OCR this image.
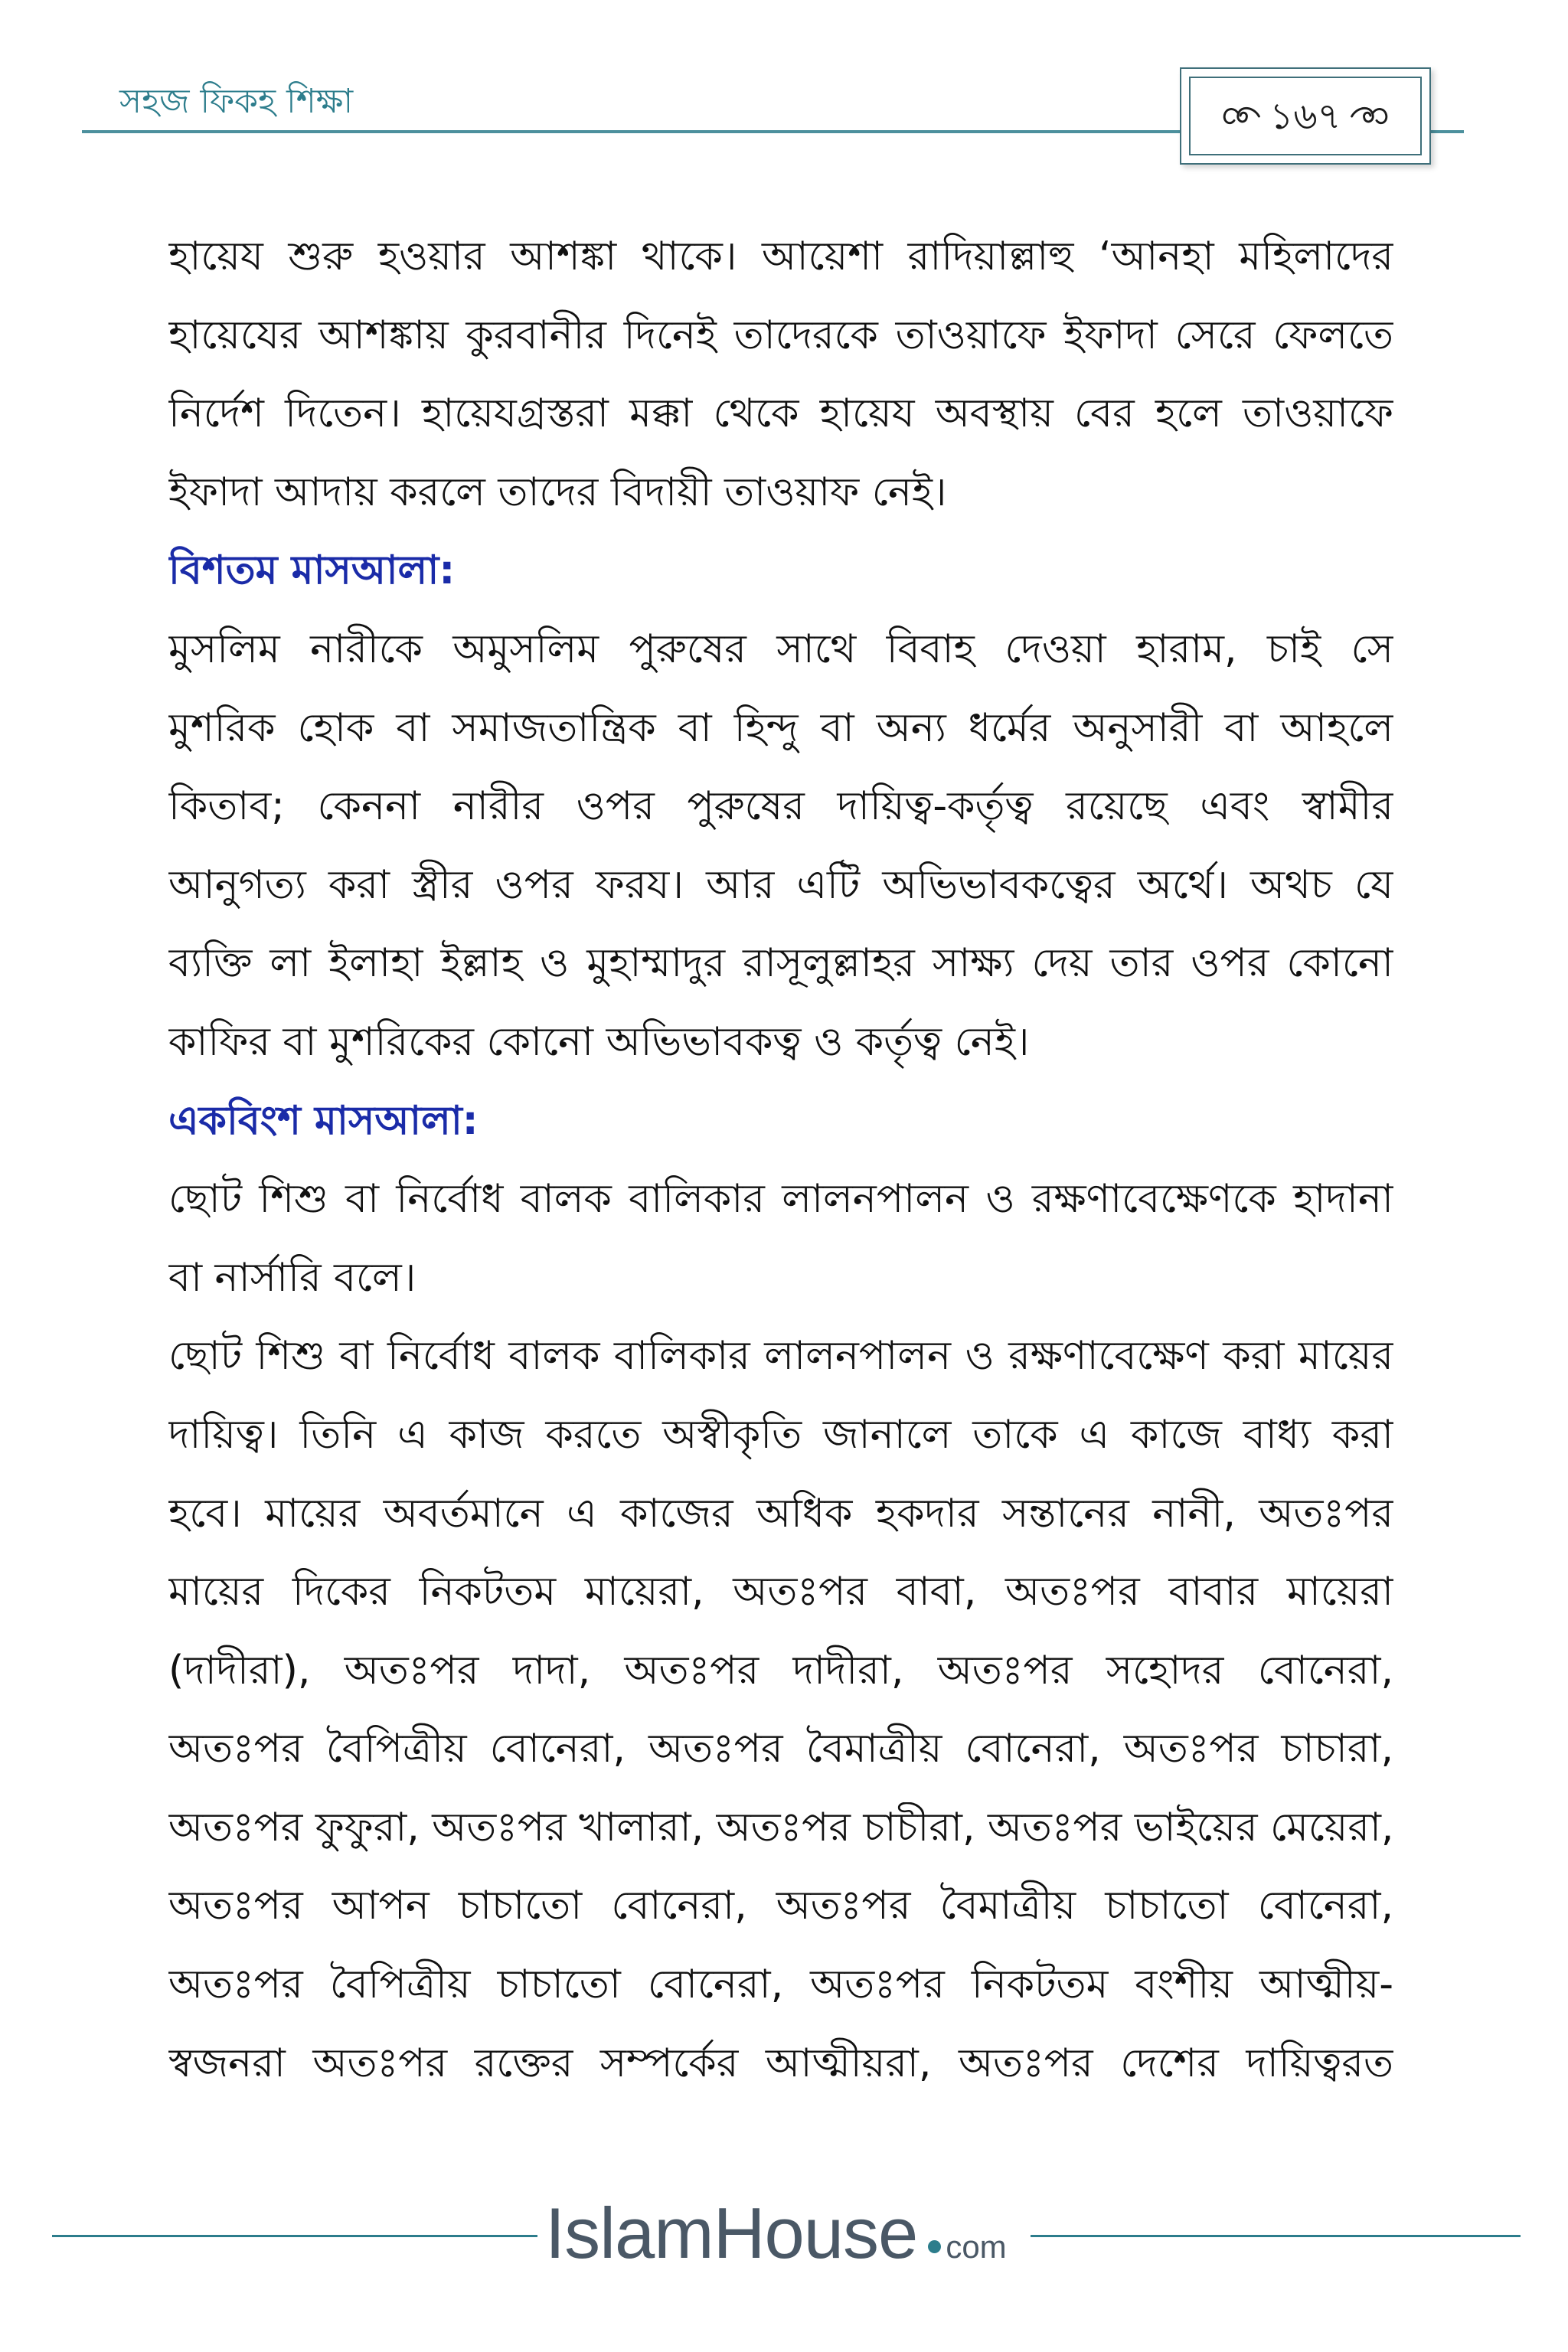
সহজ ফিকহ শিক্ষা	১৬৭
হায়েয শুরু হওয়ার আশঙ্কা থাকে। আয়েশা রাদিয়াল্লাহু ‘আনহা মহিলাদের
হায়েযের আশঙ্কায় কুরবানীর দিনেই তাদেরকে তাওয়াফে ইফাদা সেরে ফেলতে
নির্দেশ দিতেন। হায়েযগ্রস্তরা মক্কা থেকে হায়েয অবস্থায় বের হলে তাওয়াফে
ইফাদা আদায় করলে তাদের বিদায়ী তাওয়াফ নেই।
বিশতম মাসআলা:
মুসলিম নারীকে অমুসলিম পুরুষের সাথে বিবাহ দেওয়া হারাম, চাই সে
মুশরিক হোক বা সমাজতান্ত্রিক বা হিন্দু বা অন্য ধর্মের অনুসারী বা আহলে
কিতাব; কেননা নারীর ওপর পুরুষের দায়িত্ব-কর্তৃত্ব রয়েছে এবং স্বামীর
আনুগত্য করা স্ত্রীর ওপর ফরয। আর এটি অভিভাবকত্বের অর্থে। অথচ যে
ব্যক্তি লা ইলাহা ইল্লাহ ও মুহাম্মাদুর রাসূলুল্লাহর সাক্ষ্য দেয় তার ওপর কোনো
কাফির বা মুশরিকের কোনো অভিভাবকত্ব ও কর্তৃত্ব নেই।
একবিংশ মাসআলা:
ছোট শিশু বা নির্বোধ বালক বালিকার লালনপালন ও রক্ষণাবেক্ষেণকে হাদানা
বা নার্সারি বলে।
ছোট শিশু বা নির্বোধ বালক বালিকার লালনপালন ও রক্ষণাবেক্ষেণ করা মায়ের
দায়িত্ব। তিনি এ কাজ করতে অস্বীকৃতি জানালে তাকে এ কাজে বাধ্য করা
হবে। মায়ের অবর্তমানে এ কাজের অধিক হকদার সন্তানের নানী, অতঃপর
মায়ের দিকের নিকটতম মায়েরা, অতঃপর বাবা, অতঃপর বাবার মায়েরা
(দাদীরা), অতঃপর দাদা, অতঃপর দাদীরা, অতঃপর সহোদর বোনেরা,
অতঃপর বৈপিত্রীয় বোনেরা, অতঃপর বৈমাত্রীয় বোনেরা, অতঃপর চাচারা,
অতঃপর ফুফুরা, অতঃপর খালারা, অতঃপর চাচীরা, অতঃপর ভাইয়ের মেয়েরা,
অতঃপর আপন চাচাতো বোনেরা, অতঃপর বৈমাত্রীয় চাচাতো বোনেরা,
অতঃপর বৈপিত্রীয় চাচাতো বোনেরা, অতঃপর নিকটতম বংশীয় আত্মীয়-
স্বজনরা অতঃপর রক্তের সম্পর্কের আত্মীয়রা, অতঃপর দেশের দায়িত্বরত
IslamHouse com
